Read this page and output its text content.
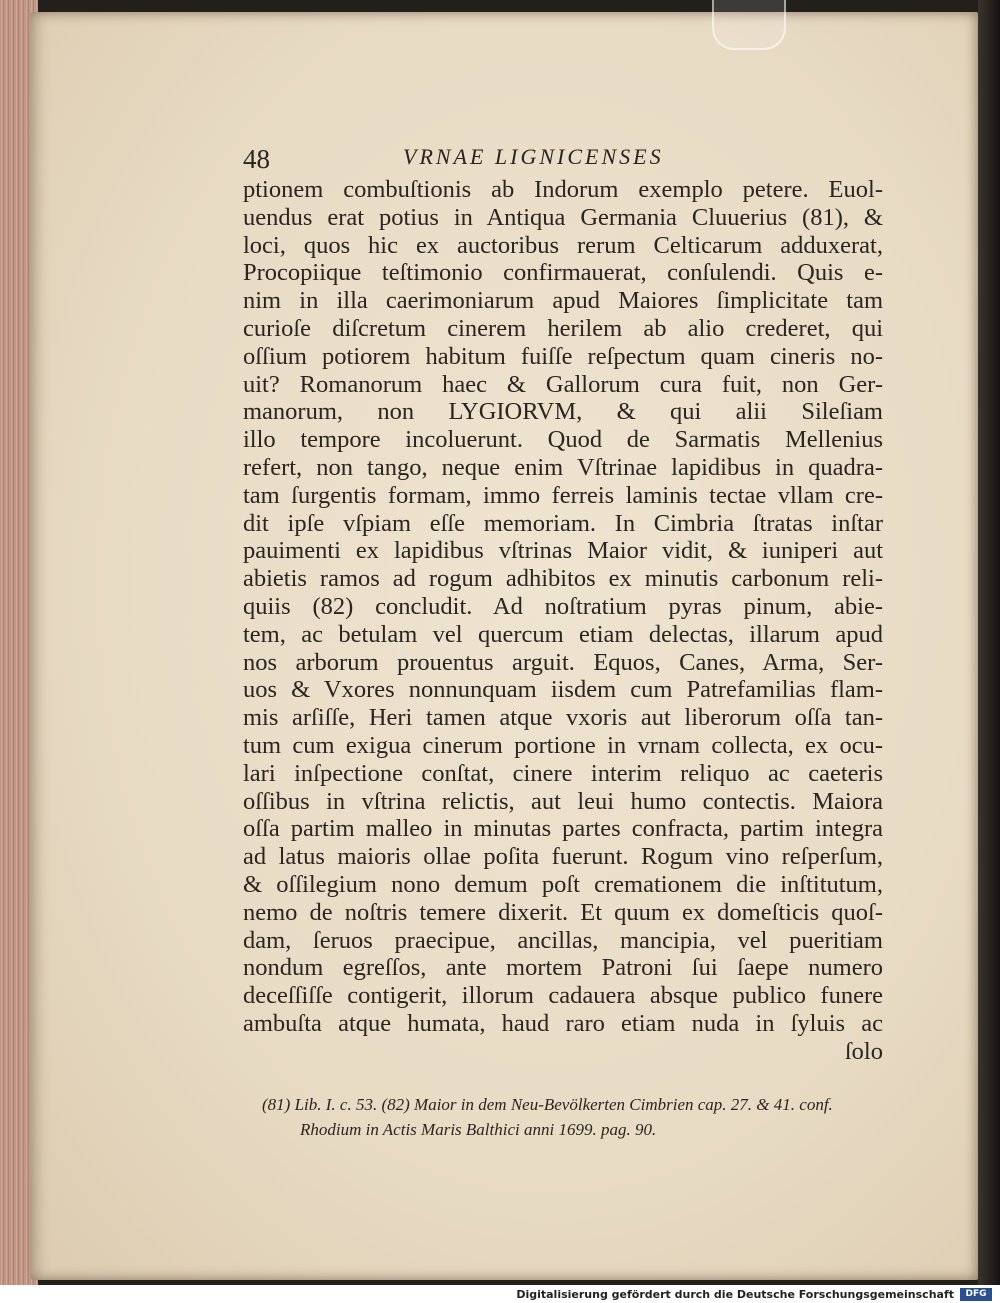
48	VRNAE LIGNICENSES
ptionem combuſtionis ab Indorum exemplo petere. Euol-
uendus erat potius in Antiqua Germania Cluuerius (81), &
loci, quos hic ex auctoribus rerum Celticarum adduxerat,
Procopiique teſtimonio confirmauerat, conſulendi. Quis e-
nim in illa caerimoniarum apud Maiores ſimplicitate tam
curioſe diſcretum cinerem herilem ab alio crederet, qui
oſſium potiorem habitum fuiſſe reſpectum quam cineris no-
uit? Romanorum haec & Gallorum cura fuit, non Ger-
manorum, non LYGIORVM, & qui alii Sileſiam
illo tempore incoluerunt. Quod de Sarmatis Mellenius
refert, non tango, neque enim Vſtrinae lapidibus in quadra-
tam ſurgentis formam, immo ferreis laminis tectae vllam cre-
dit ipſe vſpiam eſſe memoriam. In Cimbria ſtratas inſtar
pauimenti ex lapidibus vſtrinas Maior vidit, & iuniperi aut
abietis ramos ad rogum adhibitos ex minutis carbonum reli-
quiis (82) concludit. Ad noſtratium pyras pinum, abie-
tem, ac betulam vel quercum etiam delectas, illarum apud
nos arborum prouentus arguit. Equos, Canes, Arma, Ser-
uos & Vxores nonnunquam iisdem cum Patrefamilias flam-
mis arſiſſe, Heri tamen atque vxoris aut liberorum oſſa tan-
tum cum exigua cinerum portione in vrnam collecta, ex ocu-
lari inſpectione conſtat, cinere interim reliquo ac caeteris
oſſibus in vſtrina relictis, aut leui humo contectis. Maiora
oſſa partim malleo in minutas partes confracta, partim integra
ad latus maioris ollae poſita fuerunt. Rogum vino reſperſum,
& oſſilegium nono demum poſt cremationem die inſtitutum,
nemo de noſtris temere dixerit. Et quum ex domeſticis quoſ-
dam, ſeruos praecipue, ancillas, mancipia, vel pueritiam
nondum egreſſos, ante mortem Patroni ſui ſaepe numero
deceſſiſſe contigerit, illorum cadauera absque publico funere
ambuſta atque humata, haud raro etiam nuda in ſyluis ac
ſolo
(81) Lib. I. c. 53. (82) Maior in dem Neu-Bevölkerten Cimbrien cap. 27. & 41. conf.
Rhodium in Actis Maris Balthici anni 1699. pag. 90.
Digitalisierung gefördert durch die Deutsche Forschungsgemeinschaft	DFG
